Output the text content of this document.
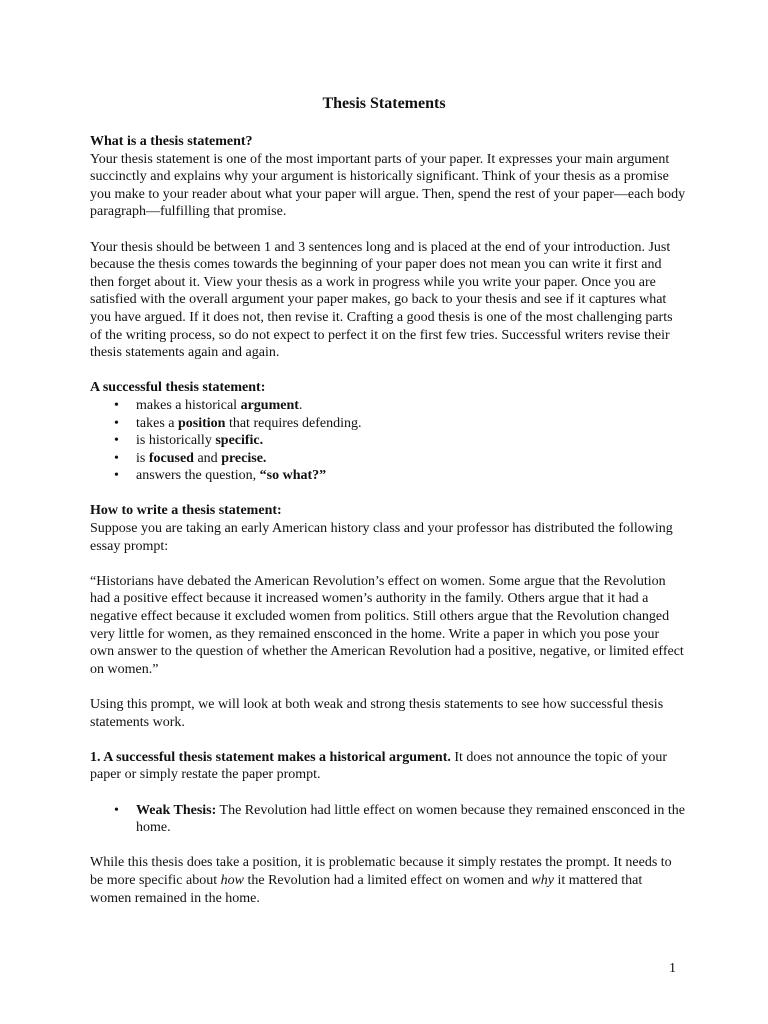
Thesis Statements

What is a thesis statement?

Your thesis statement is one of the most important parts of your paper. It expresses your main argument succinctly and explains why your argument is historically significant. Think of your thesis as a promise you make to your reader about what your paper will argue. Then, spend the rest of your paper—each body paragraph—fulfilling that promise.

Your thesis should be between 1 and 3 sentences long and is placed at the end of your introduction. Just because the thesis comes towards the beginning of your paper does not mean you can write it first and then forget about it. View your thesis as a work in progress while you write your paper. Once you are satisfied with the overall argument your paper makes, go back to your thesis and see if it captures what you have argued. If it does not, then revise it. Crafting a good thesis is one of the most challenging parts of the writing process, so do not expect to perfect it on the first few tries. Successful writers revise their thesis statements again and again.

A successful thesis statement:

• makes a historical argument.
• takes a position that requires defending.
• is historically specific.
• is focused and precise.
• answers the question, “so what?”

How to write a thesis statement:

Suppose you are taking an early American history class and your professor has distributed the following essay prompt:

“Historians have debated the American Revolution’s effect on women. Some argue that the Revolution had a positive effect because it increased women’s authority in the family. Others argue that it had a negative effect because it excluded women from politics. Still others argue that the Revolution changed very little for women, as they remained ensconced in the home. Write a paper in which you pose your own answer to the question of whether the American Revolution had a positive, negative, or limited effect on women.”

Using this prompt, we will look at both weak and strong thesis statements to see how successful thesis statements work.

1. A successful thesis statement makes a historical argument. It does not announce the topic of your paper or simply restate the paper prompt.

• Weak Thesis: The Revolution had little effect on women because they remained ensconced in the home.

While this thesis does take a position, it is problematic because it simply restates the prompt. It needs to be more specific about how the Revolution had a limited effect on women and why it mattered that women remained in the home.

1
